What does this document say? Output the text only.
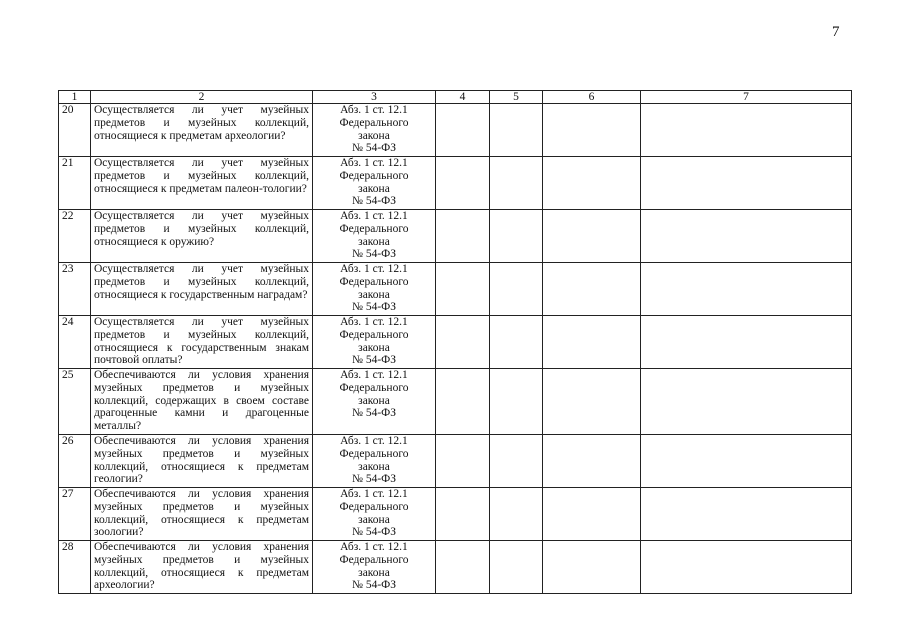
7
1	2	3	4	5	6	7
20	Осуществляется ли учет музейных предметов и музейных коллекций, относящиеся к предметам археологии?	Абз. 1 ст. 12.1
Федерального
закона
№ 54-ФЗ				

21	Осуществляется ли учет музейных предметов и музейных коллекций, относящиеся к предметам палеон-тологии?	Абз. 1 ст. 12.1
Федерального
закона
№ 54-ФЗ				

22	Осуществляется ли учет музейных предметов и музейных коллекций, относящиеся к оружию?	Абз. 1 ст. 12.1
Федерального
закона
№ 54-ФЗ				

23	Осуществляется ли учет музейных предметов и музейных коллекций, относящиеся к государственным наградам?	Абз. 1 ст. 12.1
Федерального
закона
№ 54-ФЗ				

24	Осуществляется ли учет музейных предметов и музейных коллекций, относящиеся к государственным знакам почтовой оплаты?	Абз. 1 ст. 12.1
Федерального
закона
№ 54-ФЗ				

25	Обеспечиваются ли условия хранения музейных предметов и музейных коллекций, содержащих в своем составе драгоценные камни и драгоценные металлы?	Абз. 1 ст. 12.1
Федерального
закона
№ 54-ФЗ				

26	Обеспечиваются ли условия хранения музейных предметов и музейных коллекций, относящиеся к предметам геологии?	Абз. 1 ст. 12.1
Федерального
закона
№ 54-ФЗ				

27	Обеспечиваются ли условия хранения музейных предметов и музейных коллекций, относящиеся к предметам зоологии?	Абз. 1 ст. 12.1
Федерального
закона
№ 54-ФЗ				

28	Обеспечиваются ли условия хранения музейных предметов и музейных коллекций, относящиеся к предметам археологии?	Абз. 1 ст. 12.1
Федерального
закона
№ 54-ФЗ				
